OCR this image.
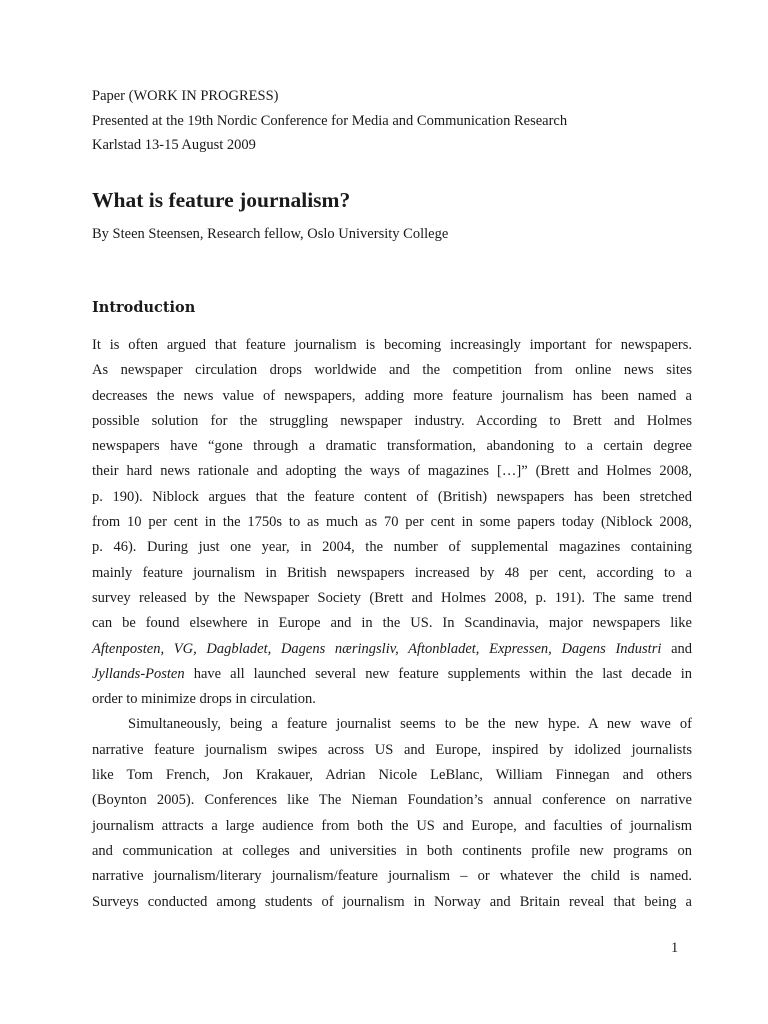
Paper (WORK IN PROGRESS)
Presented at the 19th Nordic Conference for Media and Communication Research
Karlstad 13-15 August 2009
What is feature journalism?
By Steen Steensen, Research fellow, Oslo University College
Introduction
It is often argued that feature journalism is becoming increasingly important for newspapers.
As newspaper circulation drops worldwide and the competition from online news sites
decreases the news value of newspapers, adding more feature journalism has been named a
possible solution for the struggling newspaper industry. According to Brett and Holmes
newspapers have “gone through a dramatic transformation, abandoning to a certain degree
their hard news rationale and adopting the ways of magazines […]” (Brett and Holmes 2008,
p. 190). Niblock argues that the feature content of (British) newspapers has been stretched
from 10 per cent in the 1750s to as much as 70 per cent in some papers today (Niblock 2008,
p. 46). During just one year, in 2004, the number of supplemental magazines containing
mainly feature journalism in British newspapers increased by 48 per cent, according to a
survey released by the Newspaper Society (Brett and Holmes 2008, p. 191). The same trend
can be found elsewhere in Europe and in the US. In Scandinavia, major newspapers like
Aftenposten, VG, Dagbladet, Dagens næringsliv, Aftonbladet, Expressen, Dagens Industri and
Jyllands-Posten have all launched several new feature supplements within the last decade in
order to minimize drops in circulation.
Simultaneously, being a feature journalist seems to be the new hype. A new wave of
narrative feature journalism swipes across US and Europe, inspired by idolized journalists
like Tom French, Jon Krakauer, Adrian Nicole LeBlanc, William Finnegan and others
(Boynton 2005). Conferences like The Nieman Foundation’s annual conference on narrative
journalism attracts a large audience from both the US and Europe, and faculties of journalism
and communication at colleges and universities in both continents profile new programs on
narrative journalism/literary journalism/feature journalism – or whatever the child is named.
Surveys conducted among students of journalism in Norway and Britain reveal that being a
1
